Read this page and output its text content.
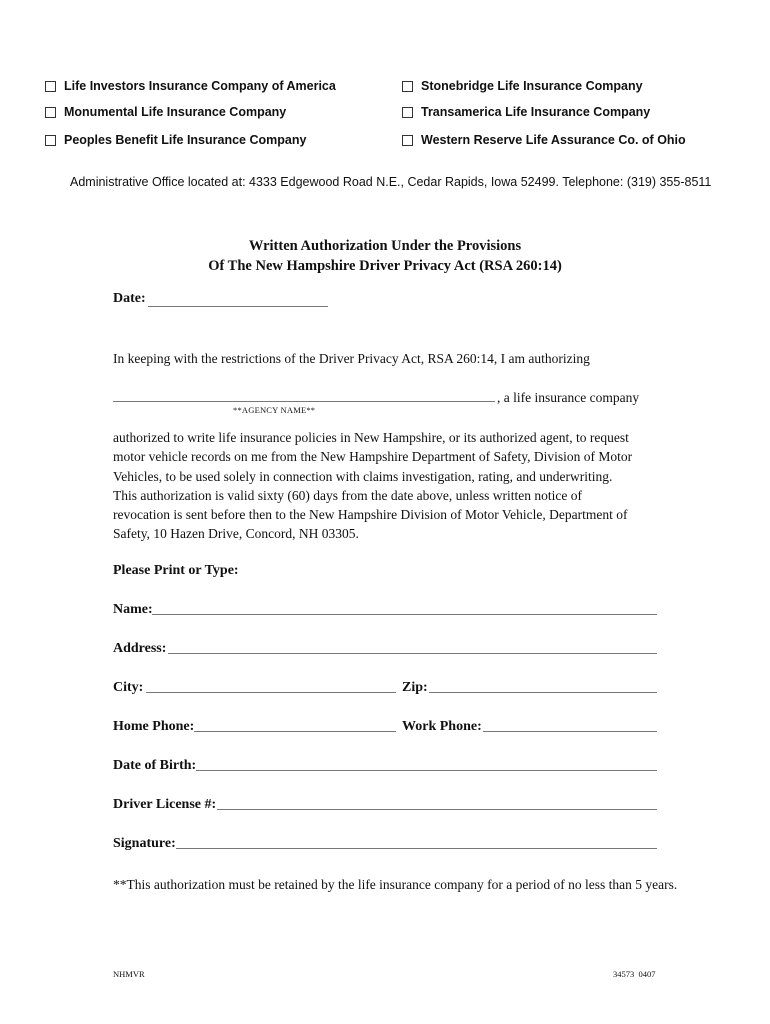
Life Investors Insurance Company of America
Monumental Life Insurance Company
Peoples Benefit Life Insurance Company
Stonebridge Life Insurance Company
Transamerica Life Insurance Company
Western Reserve Life Assurance Co. of Ohio
Administrative Office located at: 4333 Edgewood Road N.E., Cedar Rapids, Iowa 52499. Telephone: (319) 355-8511
Written Authorization Under the Provisions
Of The New Hampshire Driver Privacy Act (RSA 260:14)
Date:
In keeping with the restrictions of the Driver Privacy Act, RSA 260:14, I am authorizing
, a life insurance company
**AGENCY NAME**
authorized to write life insurance policies in New Hampshire, or its authorized agent, to request
motor vehicle records on me from the New Hampshire Department of Safety, Division of Motor
Vehicles, to be used solely in connection with claims investigation, rating, and underwriting.
This authorization is valid sixty (60) days from the date above, unless written notice of
revocation is sent before then to the New Hampshire Division of Motor Vehicle, Department of
Safety, 10 Hazen Drive, Concord, NH 03305.
Please Print or Type:
Name:
Address:
City:	Zip:
Home Phone:	Work Phone:
Date of Birth:
Driver License #:
Signature:
**This authorization must be retained by the life insurance company for a period of no less than 5 years.
NHMVR	34573  0407
